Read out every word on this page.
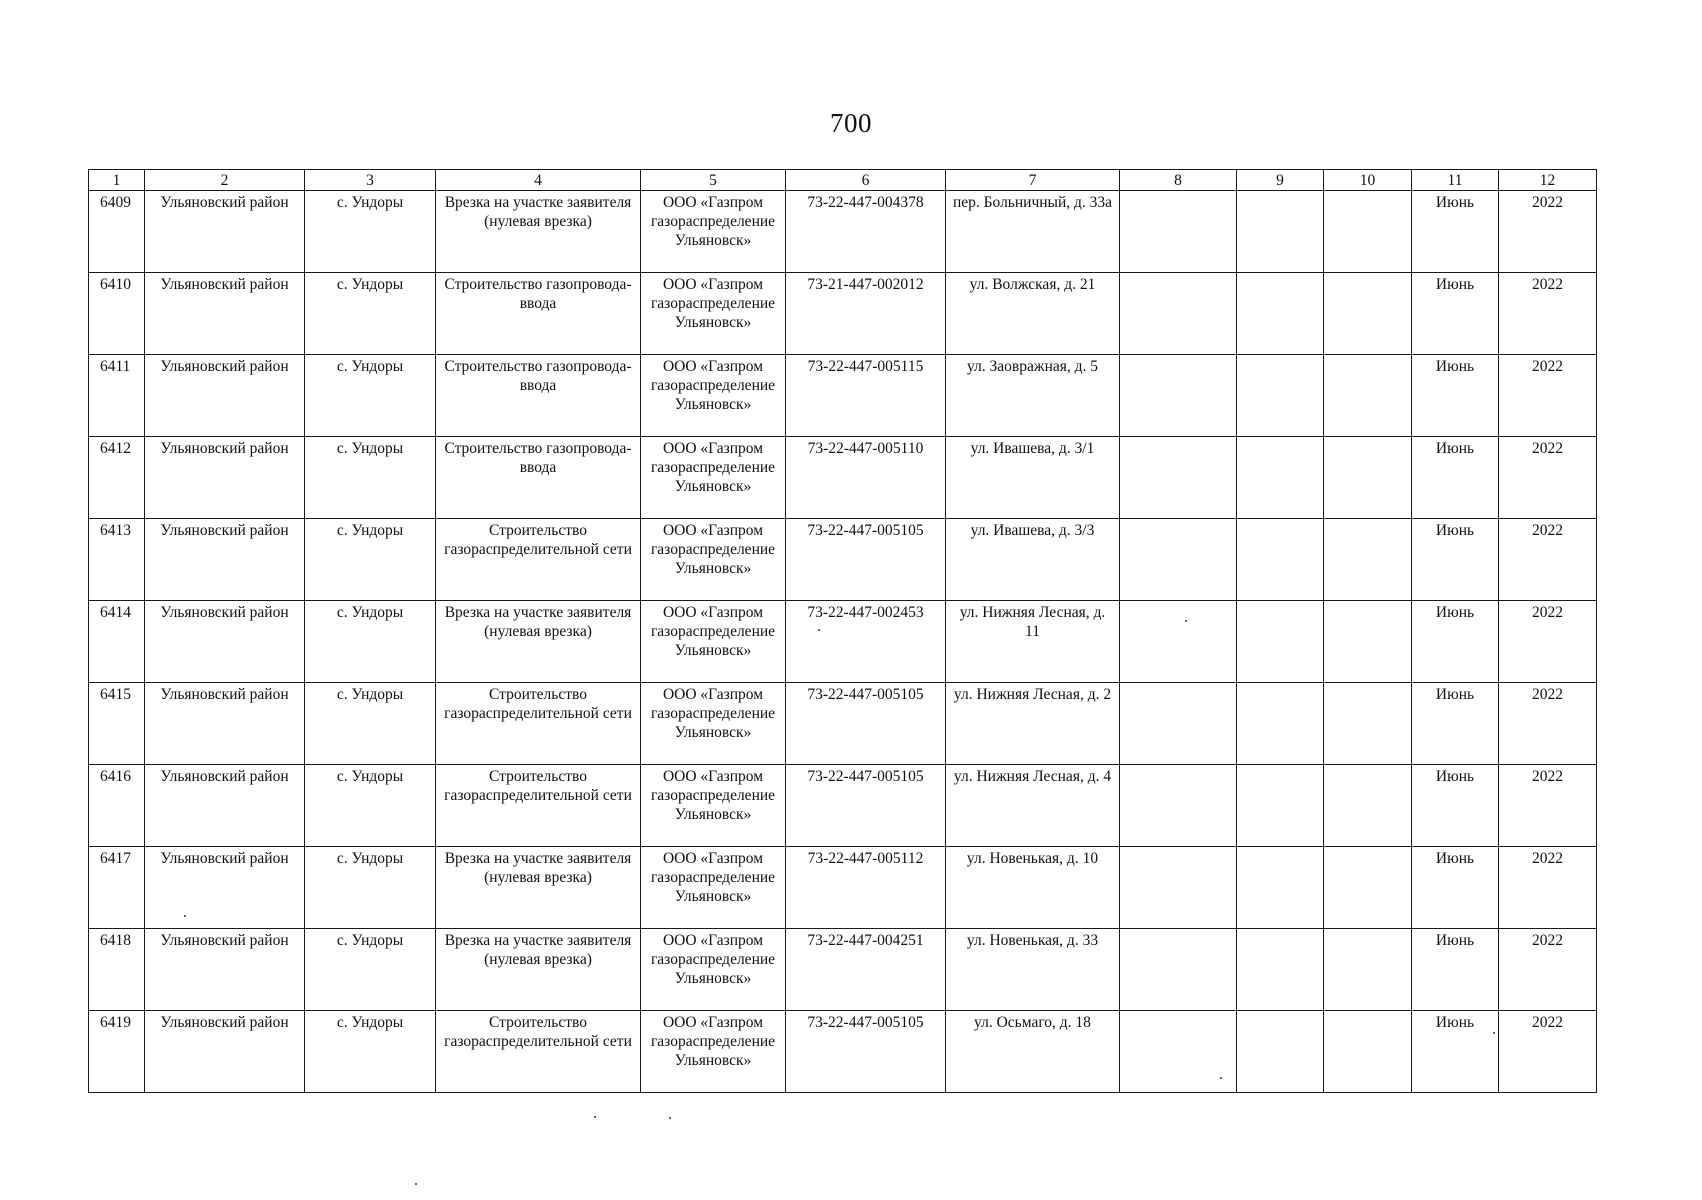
700
1	2	3	4	5	6	7	8	9	10	11	12
6409	Ульяновский район	с. Ундоры	Врезка на участке заявителя (нулевая врезка)	ООО «Газпром газораспределение Ульяновск»	73-22-447-004378	пер. Больничный, д. 33а				Июнь	2022
6410	Ульяновский район	с. Ундоры	Строительство газопровода-ввода	ООО «Газпром газораспределение Ульяновск»	73-21-447-002012	ул. Волжская, д. 21				Июнь	2022
6411	Ульяновский район	с. Ундоры	Строительство газопровода-ввода	ООО «Газпром газораспределение Ульяновск»	73-22-447-005115	ул. Заовражная, д. 5				Июнь	2022
6412	Ульяновский район	с. Ундоры	Строительство газопровода-ввода	ООО «Газпром газораспределение Ульяновск»	73-22-447-005110	ул. Ивашева, д. 3/1				Июнь	2022
6413	Ульяновский район	с. Ундоры	Строительство газораспределительной сети	ООО «Газпром газораспределение Ульяновск»	73-22-447-005105	ул. Ивашева, д. 3/3				Июнь	2022
6414	Ульяновский район	с. Ундоры	Врезка на участке заявителя (нулевая врезка)	ООО «Газпром газораспределение Ульяновск»	73-22-447-002453	ул. Нижняя Лесная, д. 11				Июнь	2022
6415	Ульяновский район	с. Ундоры	Строительство газораспределительной сети	ООО «Газпром газораспределение Ульяновск»	73-22-447-005105	ул. Нижняя Лесная, д. 2				Июнь	2022
6416	Ульяновский район	с. Ундоры	Строительство газораспределительной сети	ООО «Газпром газораспределение Ульяновск»	73-22-447-005105	ул. Нижняя Лесная, д. 4				Июнь	2022
6417	Ульяновский район	с. Ундоры	Врезка на участке заявителя (нулевая врезка)	ООО «Газпром газораспределение Ульяновск»	73-22-447-005112	ул. Новенькая, д. 10				Июнь	2022
6418	Ульяновский район	с. Ундоры	Врезка на участке заявителя (нулевая врезка)	ООО «Газпром газораспределение Ульяновск»	73-22-447-004251	ул. Новенькая, д. 33				Июнь	2022
6419	Ульяновский район	с. Ундоры	Строительство газораспределительной сети	ООО «Газпром газораспределение Ульяновск»	73-22-447-005105	ул. Осьмаго, д. 18				Июнь	2022
